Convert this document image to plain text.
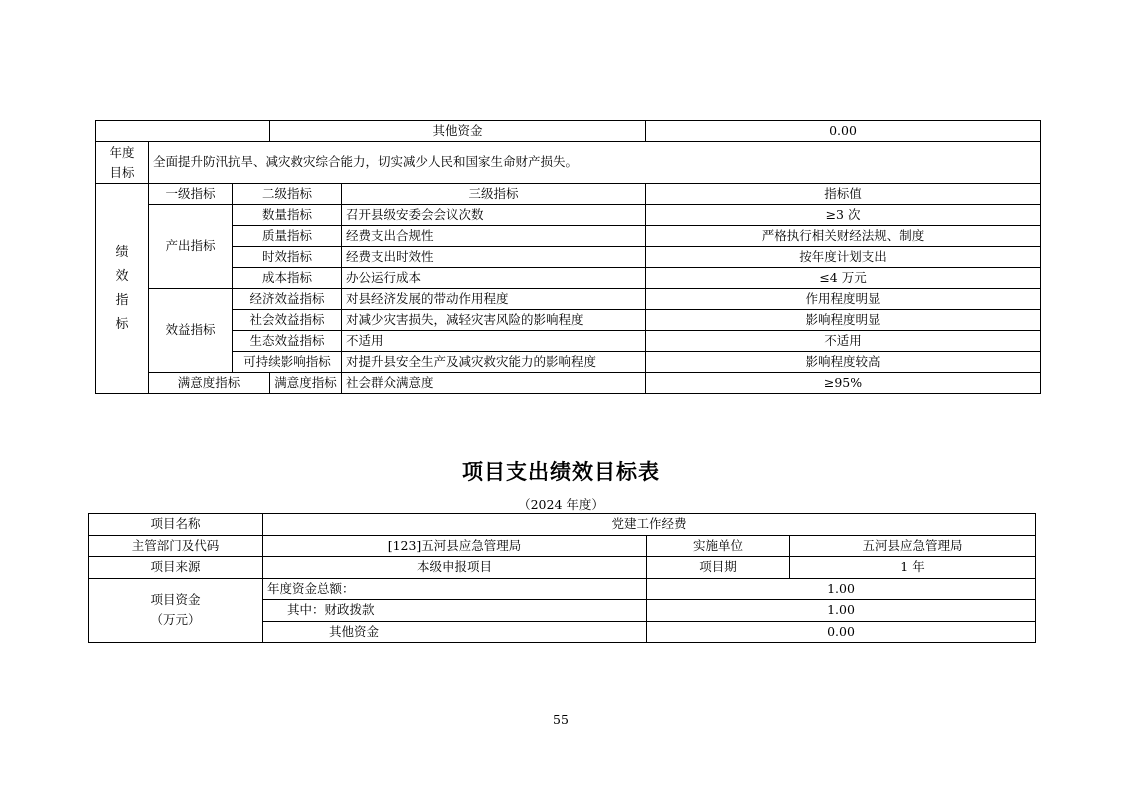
			其他资金		0.00
年度
目标	全面提升防汛抗旱、减灾救灾综合能力，切实减少人民和国家生命财产损失。				
绩
效
指
标	一级指标	二级指标		三级指标	指标值
	产出指标	数量指标		召开县级安委会会议次数	≥3 次
		质量指标		经费支出合规性	严格执行相关财经法规、制度
		时效指标		经费支出时效性	按年度计划支出
		成本指标		办公运行成本	≤4 万元
	效益指标	经济效益指标		对县经济发展的带动作用程度	作用程度明显
		社会效益指标		对减少灾害损失，减轻灾害风险的影响程度	影响程度明显
		生态效益指标		不适用	不适用
		可持续影响指标		对提升县安全生产及减灾救灾能力的影响程度	影响程度较高
	满意度指标		满意度指标	社会群众满意度	≥95%
项目支出绩效目标表
（2024 年度）
项目名称	党建工作经费		
主管部门及代码	[123]五河县应急管理局	实施单位	五河县应急管理局
项目来源	本级申报项目	项目期	1 年
项目资金
（万元）	年度资金总额：	1.00	
	其中：财政拨款	1.00	
	其他资金	0.00	
55
